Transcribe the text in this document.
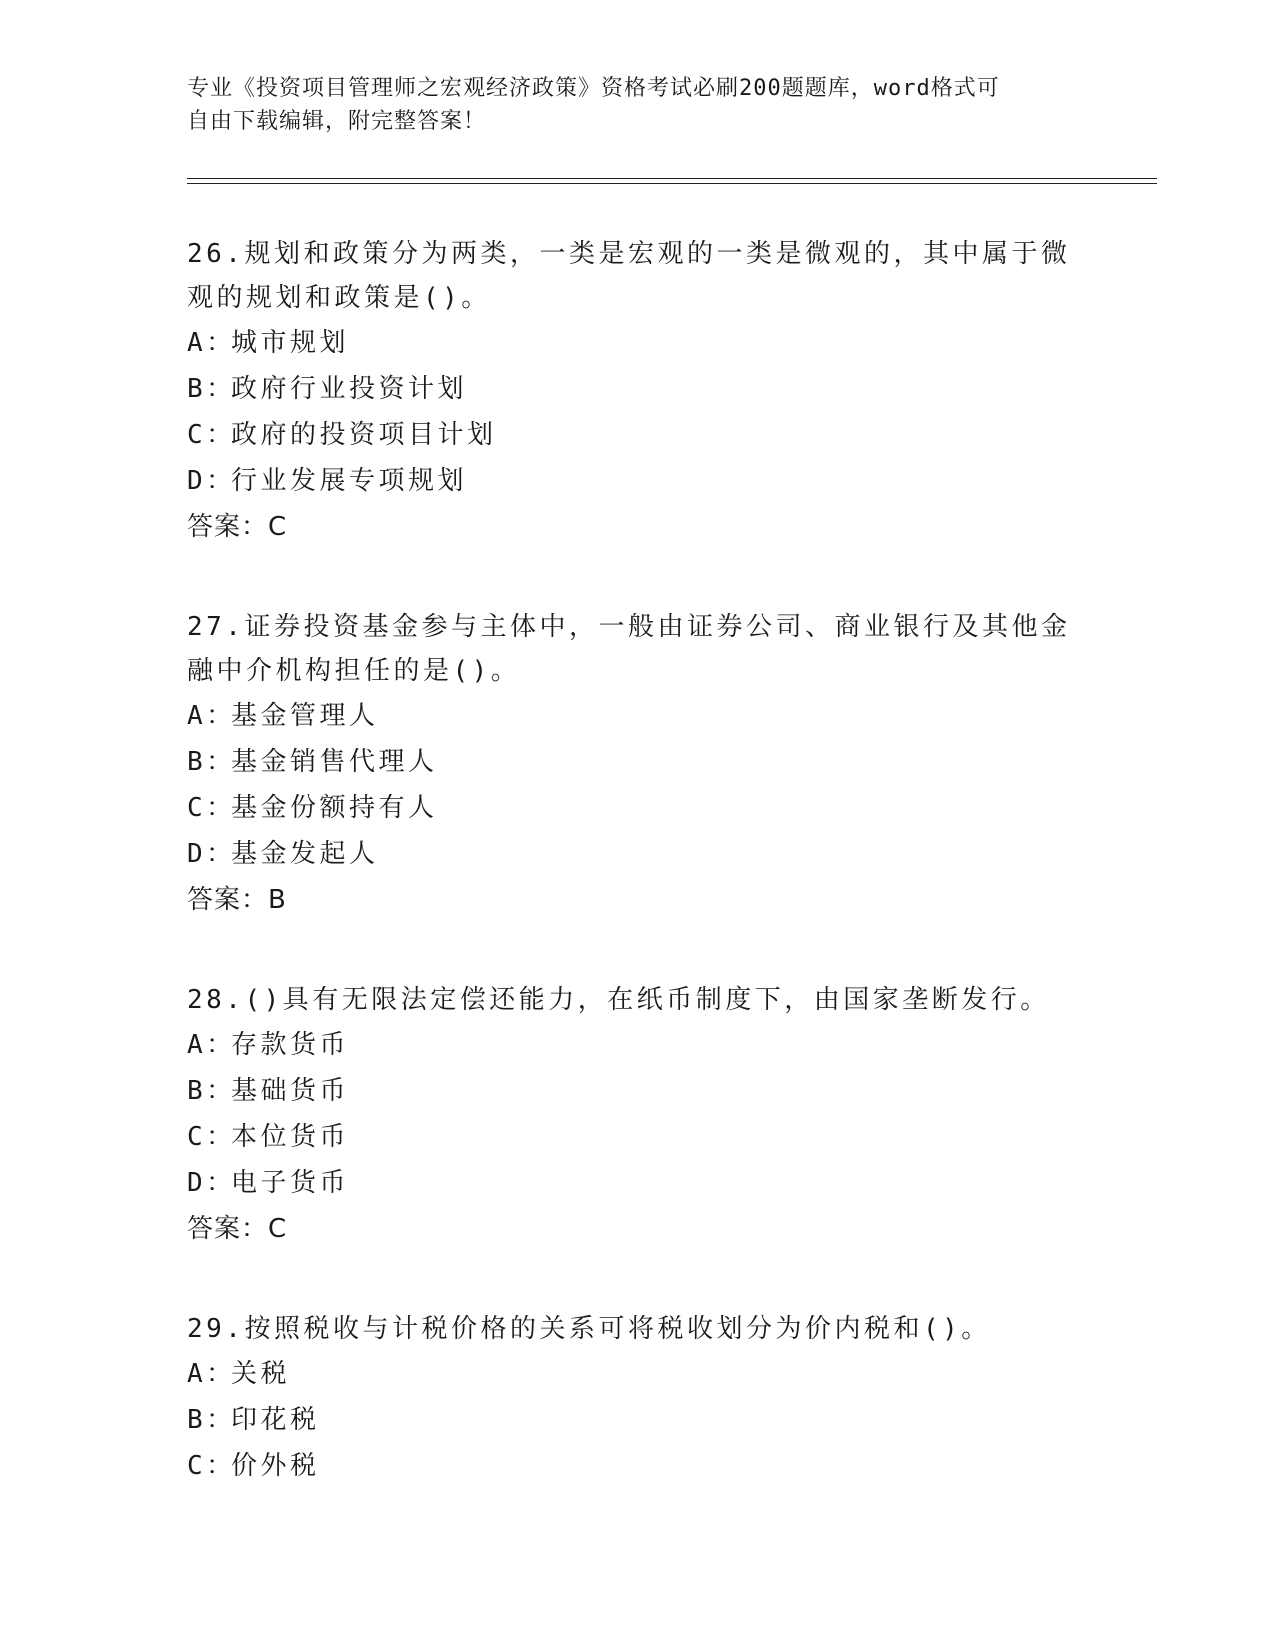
专业《投资项目管理师之宏观经济政策》资格考试必刷200题题库，word格式可
自由下载编辑，附完整答案！

26.规划和政策分为两类，一类是宏观的一类是微观的，其中属于微观的规划和政策是()。

A：
城市规划

B：
政府行业投资计划

C：
政府的投资项目计划

D：
行业发展专项规划

答案：C

27.证券投资基金参与主体中，一般由证券公司、商业银行及其他金融中介机构担任的是()。

A：
基金管理人

B：
基金销售代理人

C：
基金份额持有人

D：
基金发起人

答案：B

28.()具有无限法定偿还能力，在纸币制度下，由国家垄断发行。

A：
存款货币

B：
基础货币

C：
本位货币

D：
电子货币

答案：C

29.按照税收与计税价格的关系可将税收划分为价内税和()。

A：
关税

B：
印花税

C：
价外税
